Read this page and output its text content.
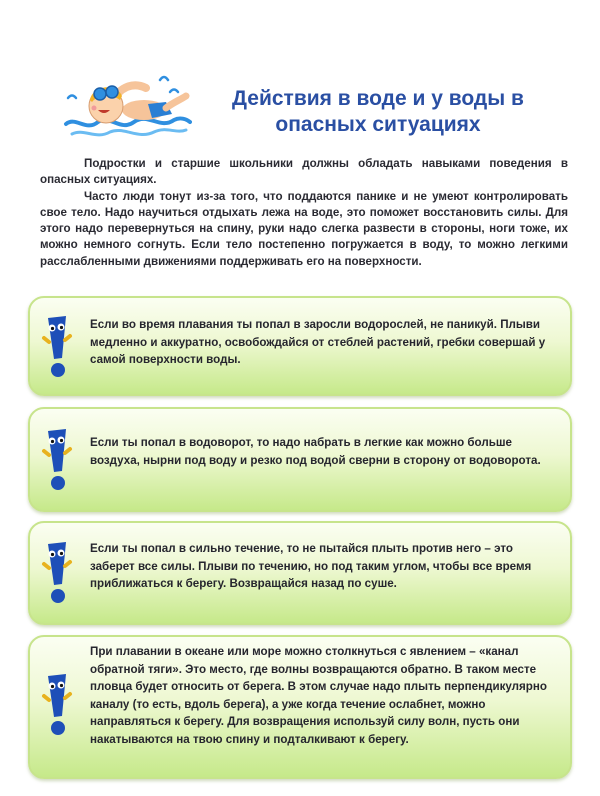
Действия в воде и у воды в опасных ситуациях

Подростки и старшие школьники должны обладать навыками поведения в опасных ситуациях.

Часто люди тонут из-за того, что поддаются панике и не умеют контролировать свое тело. Надо научиться отдыхать лежа на воде, это поможет восстановить силы. Для этого надо перевернуться на спину, руки надо слегка развести в стороны, ноги тоже, их можно немного согнуть. Если тело постепенно погружается в воду, то можно легкими расслабленными движениями поддерживать его на поверхности.

Если во время плавания ты попал в заросли водорослей, не паникуй. Плыви медленно и аккуратно, освобождайся от стеблей растений, гребки совершай у самой поверхности воды.
Если ты попал в водоворот, то надо набрать в легкие как можно больше воздуха, нырни под воду и резко под водой сверни в сторону от водоворота.
Если ты попал в сильно течение, то не пытайся плыть против него – это заберет все силы. Плыви по течению, но под таким углом, чтобы все время приближаться к берегу. Возвращайся назад по суше.
При плавании в океане или море можно столкнуться с явлением – «канал обратной тяги». Это место, где волны возвращаются обратно. В таком месте пловца будет относить от берега. В этом случае надо плыть перпендикулярно каналу (то есть, вдоль берега), а уже когда течение ослабнет, можно направляться к берегу. Для возвращения используй силу волн, пусть они накатываются на твою спину и подталкивают к берегу.
